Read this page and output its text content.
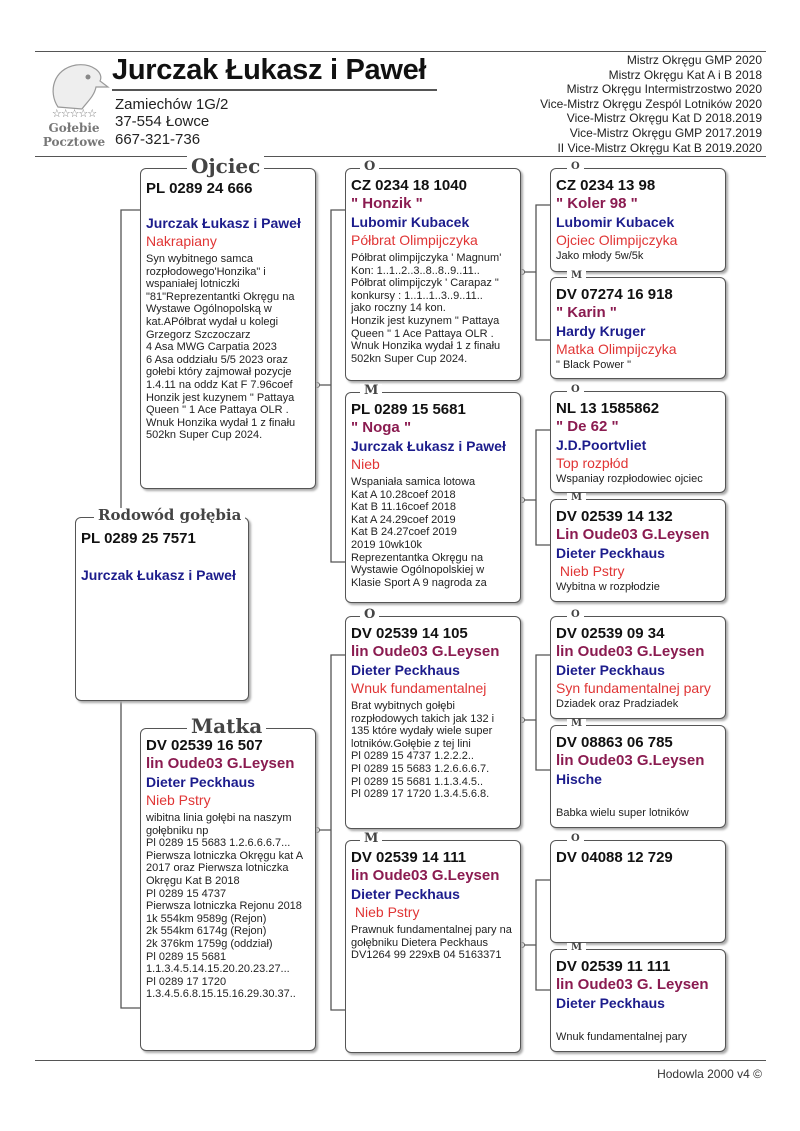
☆☆☆☆☆
Gołebie
Pocztowe
Jurczak Łukasz i Paweł
Zamiechów 1G/2
37-554 Łowce
667-321-736
Mistrz Okręgu GMP 2020
Mistrz Okręgu Kat A i B 2018
Mistrz Okręgu Intermistrzostwo 2020
Vice-Mistrz Okręgu Zespól Lotników 2020
Vice-Mistrz Okręgu Kat D 2018.2019
Vice-Mistrz Okręgu GMP 2017.2019
II Vice-Mistrz Okręgu Kat B 2019.2020
Rodowód gołębia
PL 0289 25 7571
Jurczak Łukasz i Paweł
Ojciec
PL 0289 24 666
Jurczak Łukasz i Paweł
Nakrapiany
Syn wybitnego samca rozpłodowego'Honzika" i wspaniałej lotniczki "81"Reprezentantki Okręgu na Wystawe Ogólnopolską w kat.APółbrat wydał u kolegi Grzegorz Szczoczarz
4 Asa MWG Carpatia 2023
6 Asa oddziału 5/5 2023 oraz gołebi który zajmował pozycje 1.4.11 na oddz Kat F 7.96coef Honzik jest kuzynem " Pattaya Queen " 1 Ace Pattaya OLR .
Wnuk Honzika wydał 1 z finału 502kn Super Cup 2024.
Matka
DV 02539 16 507
lin Oude03 G.Leysen
Dieter Peckhaus
Nieb Pstry
wibitna linia gołębi na naszym gołębniku np
Pl 0289 15 5683 1.2.6.6.6.7...
Pierwsza lotniczka Okręgu kat A 2017 oraz Pierwsza lotniczka Okręgu Kat B 2018
Pl 0289 15 4737
Pierwsza lotniczka Rejonu 2018
1k 554km 9589g (Rejon)
2k 554km 6174g (Rejon)
2k 376km 1759g (oddział)
Pl 0289 15 5681
1.1.3.4.5.14.15.20.20.23.27...
Pl 0289 17 1720
1.3.4.5.6.8.15.15.16.29.30.37..
O
CZ 0234 18 1040
" Honzik "
Lubomir Kubacek
Półbrat Olimpijczyka
Półbrat olimpijczyka ' Magnum'
Kon: 1..1..2..3..8..8..9..11..
Półbrat olimpijczyk ' Carapaz "
konkursy : 1..1..1..3..9..11..
jako roczny 14 kon.
Honzik jest kuzynem " Pattaya Queen " 1 Ace Pattaya OLR .
Wnuk Honzika wydał 1 z finału 502kn Super Cup 2024.
M
PL 0289 15 5681
" Noga "
Jurczak Łukasz i Paweł
Nieb
Wspaniała samica lotowa
Kat A 10.28coef 2018
Kat B 11.16coef 2018
Kat A 24.29coef 2019
Kat B 24.27coef 2019
2019 10wk10k
Reprezentantka Okręgu na Wystawie Ogólnopolskiej w Klasie Sport A 9 nagroda za
O
DV 02539 14 105
lin Oude03 G.Leysen
Dieter Peckhaus
Wnuk fundamentalnej
Brat wybitnych gołębi rozpłodowych takich jak 132 i 135 które wydały wiele super lotników.Gołębie z tej lini
Pl 0289 15 4737 1.2.2.2..
Pl 0289 15 5683 1.2.6.6.6.7.
Pl 0289 15 5681 1.1.3.4.5..
Pl 0289 17 1720 1.3.4.5.6.8.
M
DV 02539 14 111
lin Oude03 G.Leysen
Dieter Peckhaus
Nieb Pstry
Prawnuk fundamentalnej pary na gołębniku Dietera Peckhaus
DV1264 99 229xB 04 5163371
O
CZ 0234 13 98
" Koler 98 "
Lubomir Kubacek
Ojciec Olimpijczyka
Jako młody 5w/5k
M
DV 07274 16 918
" Karin "
Hardy Kruger
Matka Olimpijczyka
" Black Power "
O
NL 13 1585862
" De 62 "
J.D.Poortvliet
Top rozpłód
Wspaniay rozpłodowiec ojciec
M
DV 02539 14 132
Lin Oude03 G.Leysen
Dieter Peckhaus
Nieb Pstry
Wybitna w rozpłodzie
O
DV 02539 09 34
lin Oude03 G.Leysen
Dieter Peckhaus
Syn fundamentalnej pary
Dziadek oraz Pradziadek
M
DV 08863 06 785
lin Oude03 G.Leysen
Hische
Babka wielu super lotników
O
DV 04088 12 729
M
DV 02539 11 111
lin Oude03 G. Leysen
Dieter Peckhaus
Wnuk fundamentalnej pary
Hodowla 2000 v4 ©
